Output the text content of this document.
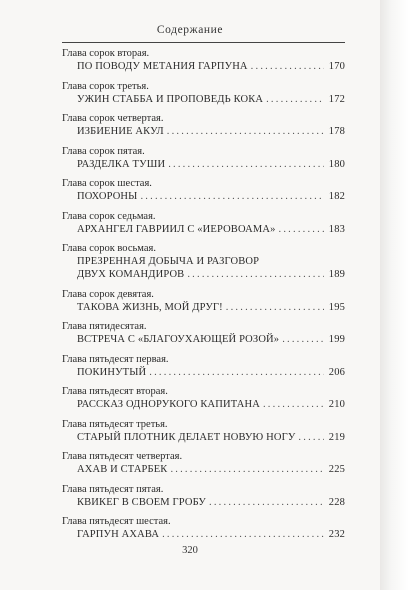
Содержание
Глава сорок вторая.
ПО ПОВОДУ МЕТАНИЯ ГАРПУНА .....	170
Глава сорок третья.
УЖИН СТАББА И ПРОПОВЕДЬ КОКА .....	172
Глава сорок четвертая.
ИЗБИЕНИЕ АКУЛ .....	178
Глава сорок пятая.
РАЗДЕЛКА ТУШИ .....	180
Глава сорок шестая.
ПОХОРОНЫ .....	182
Глава сорок седьмая.
АРХАНГЕЛ ГАВРИИЛ С «ИЕРОВОАМА» .....	183
Глава сорок восьмая.
ПРЕЗРЕННАЯ ДОБЫЧА И РАЗГОВОР
ДВУХ КОМАНДИРОВ .....	189
Глава сорок девятая.
ТАКОВА ЖИЗНЬ, МОЙ ДРУГ! .....	195
Глава пятидесятая.
ВСТРЕЧА С «БЛАГОУХАЮЩЕЙ РОЗОЙ» .....	199
Глава пятьдесят первая.
ПОКИНУТЫЙ .....	206
Глава пятьдесят вторая.
РАССКАЗ ОДНОРУКОГО КАПИТАНА .....	210
Глава пятьдесят третья.
СТАРЫЙ ПЛОТНИК ДЕЛАЕТ НОВУЮ НОГУ .....	219
Глава пятьдесят четвертая.
АХАВ И СТАРБЕК .....	225
Глава пятьдесят пятая.
КВИКЕГ В СВОЕМ ГРОБУ .....	228
Глава пятьдесят шестая.
ГАРПУН АХАВА .....	232
320
